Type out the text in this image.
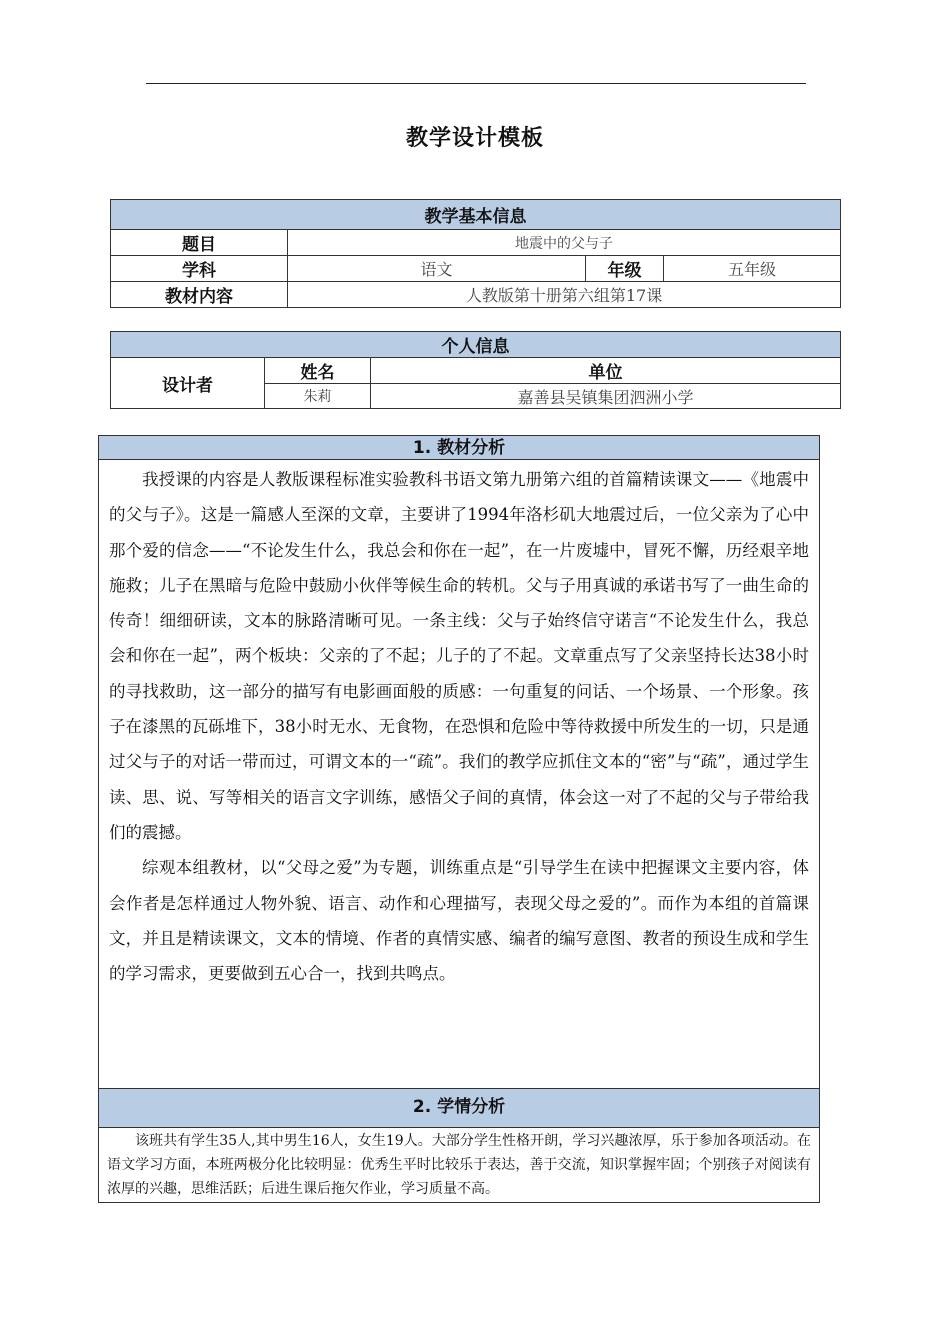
教学设计模板
教学基本信息			
题目	地震中的父与子		
学科	语文	年级	五年级
教材内容	人教版第十册第六组第17课		
个人信息		
设计者	姓名	单位
	朱莉	嘉善县吴镇集团泗洲小学
1. 教材分析

我授课的内容是人教版课程标准实验教科书语文第九册第六组的首篇精读课文——《地震中的父与子》。这是一篇感人至深的文章，主要讲了1994年洛杉矶大地震过后，一位父亲为了心中那个爱的信念——“不论发生什么，我总会和你在一起”，在一片废墟中，冒死不懈，历经艰辛地施救；儿子在黑暗与危险中鼓励小伙伴等候生命的转机。父与子用真诚的承诺书写了一曲生命的传奇！细细研读，文本的脉路清晰可见。一条主线：父与子始终信守诺言“不论发生什么，我总会和你在一起”，两个板块：父亲的了不起；儿子的了不起。文章重点写了父亲坚持长达38小时的寻找救助，这一部分的描写有电影画面般的质感：一句重复的问话、一个场景、一个形象。孩子在漆黑的瓦砾堆下，38小时无水、无食物，在恐惧和危险中等待救援中所发生的一切，只是通过父与子的对话一带而过，可谓文本的一“疏”。我们的教学应抓住文本的“密”与“疏”，通过学生读、思、说、写等相关的语言文字训练，感悟父子间的真情，体会这一对了不起的父与子带给我们的震撼。

综观本组教材，以“父母之爱”为专题，训练重点是“引导学生在读中把握课文主要内容，体会作者是怎样通过人物外貌、语言、动作和心理描写，表现父母之爱的”。而作为本组的首篇课文，并且是精读课文，文本的情境、作者的真情实感、编者的编写意图、教者的预设生成和学生的学习需求，更要做到五心合一，找到共鸣点。

2. 学情分析

该班共有学生35人,其中男生16人，女生19人。大部分学生性格开朗，学习兴趣浓厚，乐于参加各项活动。在语文学习方面，本班两极分化比较明显：优秀生平时比较乐于表达，善于交流，知识掌握牢固；个别孩子对阅读有浓厚的兴趣，思维活跃；后进生课后拖欠作业，学习质量不高。
